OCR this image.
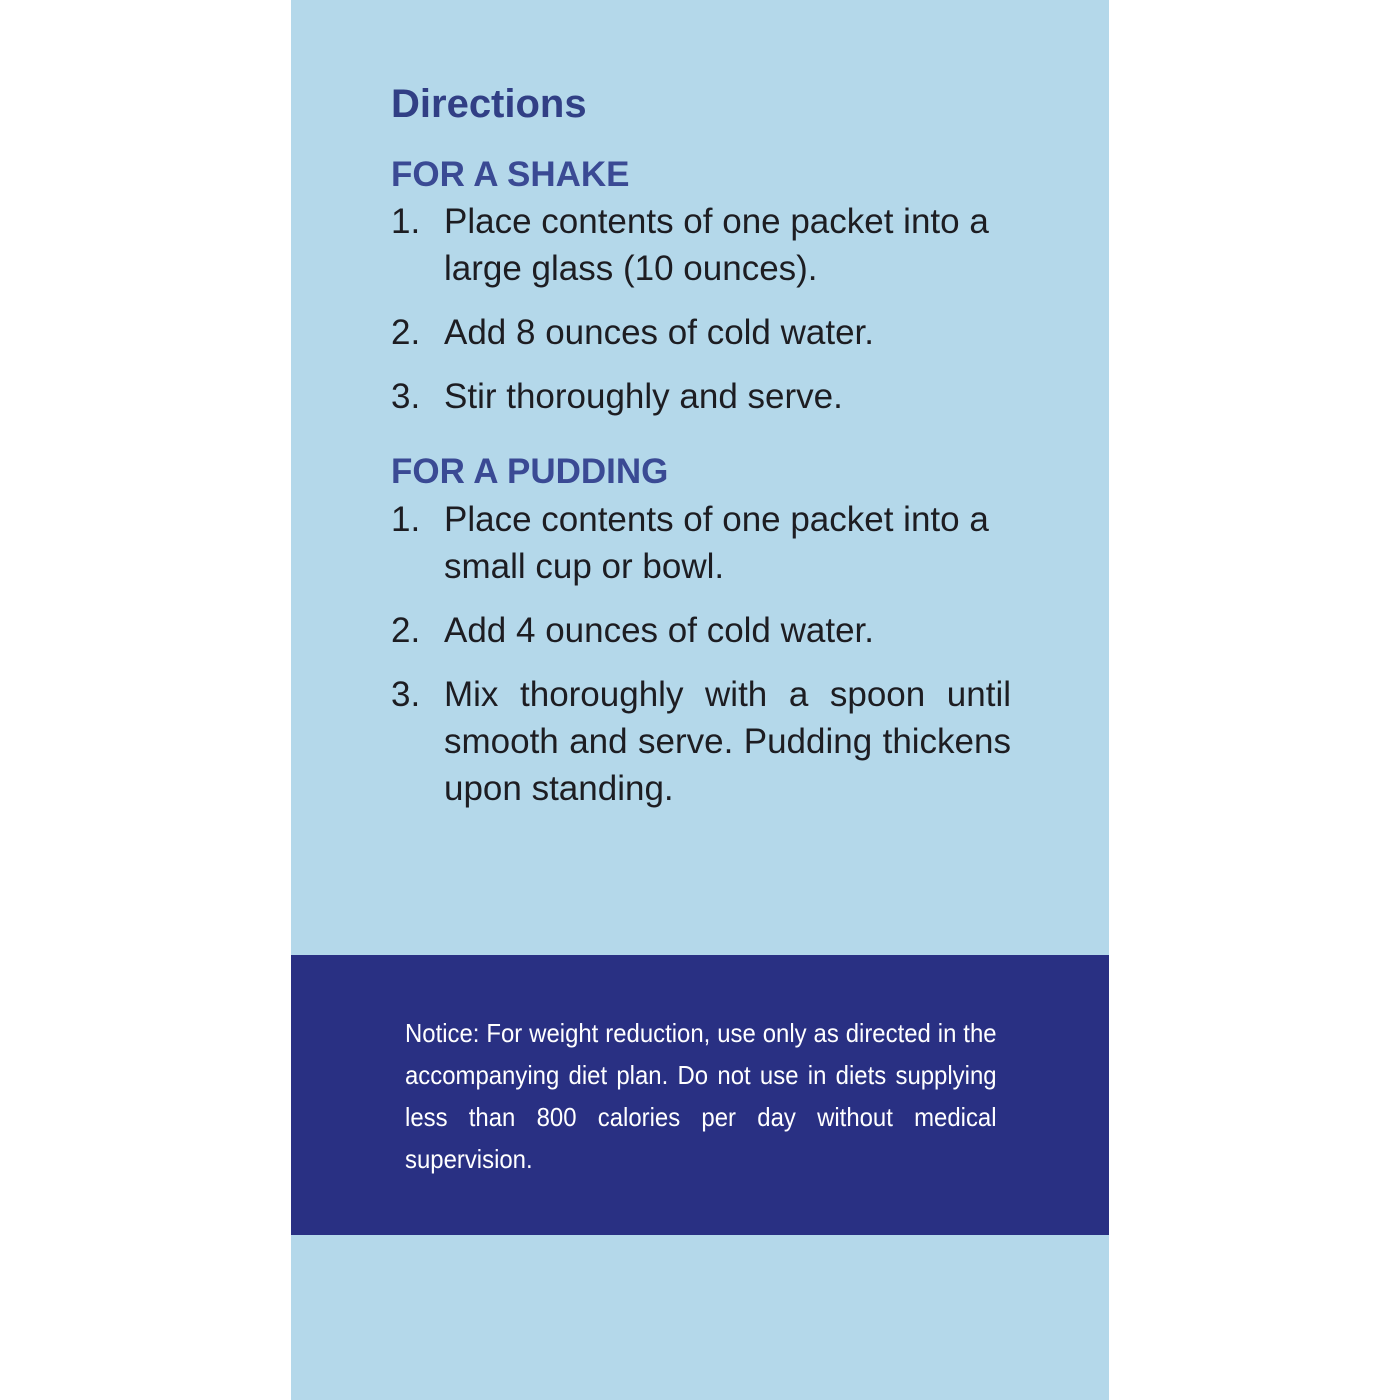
Directions
FOR A SHAKE
1. Place contents of one packet into a large glass (10 ounces).
2. Add 8 ounces of cold water.
3. Stir thoroughly and serve.
FOR A PUDDING
1. Place contents of one packet into a small cup or bowl.
2. Add 4 ounces of cold water.
3. Mix thoroughly with a spoon until smooth and serve. Pudding thickens upon standing.

Notice: For weight reduction, use only as directed in the accompanying diet plan. Do not use in diets supplying less than 800 calories per day without medical supervision.
